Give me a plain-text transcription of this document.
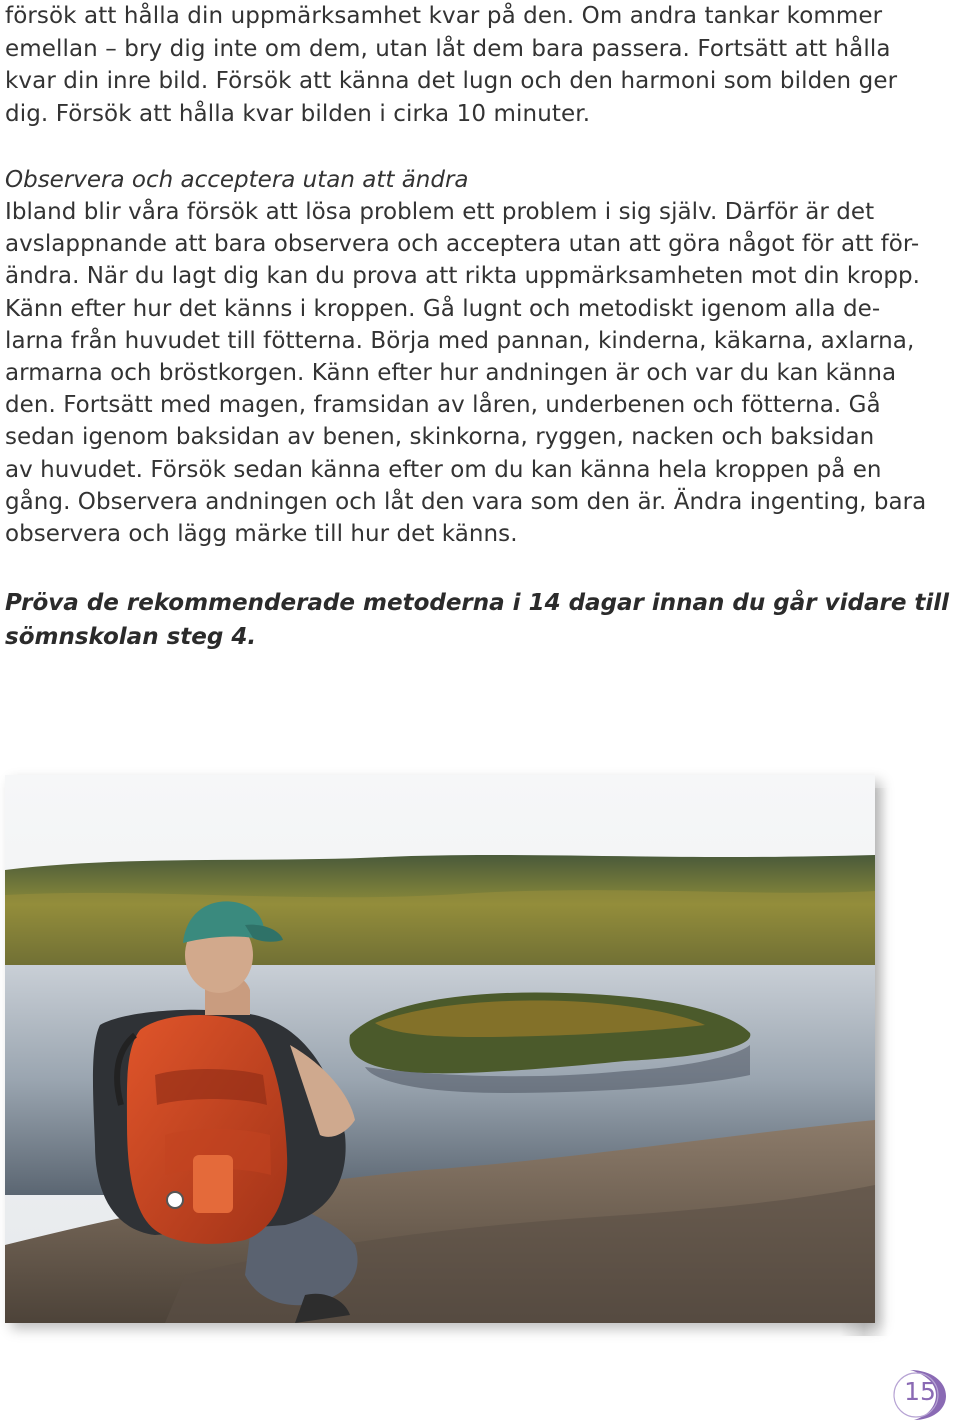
försök att hålla din uppmärksamhet kvar på den. Om andra tankar kommer
emellan – bry dig inte om dem, utan låt dem bara passera. Fortsätt att hålla
kvar din inre bild. Försök att känna det lugn och den harmoni som bilden ger
dig. Försök att hålla kvar bilden i cirka 10 minuter.
Observera och acceptera utan att ändra
Ibland blir våra försök att lösa problem ett problem i sig själv. Därför är det
avslappnande att bara observera och acceptera utan att göra något för att för-
ändra. När du lagt dig kan du prova att rikta uppmärksamheten mot din kropp.
Känn efter hur det känns i kroppen. Gå lugnt och metodiskt igenom alla de-
larna från huvudet till fötterna. Börja med pannan, kinderna, käkarna, axlarna,
armarna och bröstkorgen. Känn efter hur andningen är och var du kan känna
den. Fortsätt med magen, framsidan av låren, underbenen och fötterna. Gå
sedan igenom baksidan av benen, skinkorna, ryggen, nacken och baksidan
av huvudet. Försök sedan känna efter om du kan känna hela kroppen på en
gång. Observera andningen och låt den vara som den är. Ändra ingenting, bara
observera och lägg märke till hur det känns.
Pröva de rekommenderade metoderna i 14 dagar innan du går vidare till
sömnskolan steg 4.
15
